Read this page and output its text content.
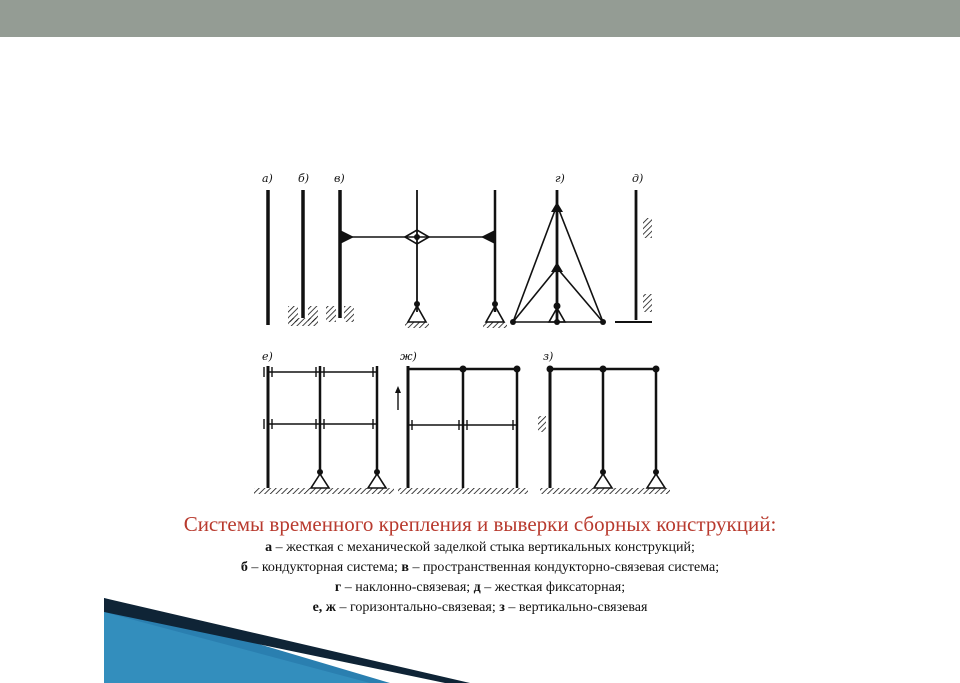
а) б) в)	г)	д)
е)	ж)	з)
Системы временного крепления и выверки сборных конструкций:
а – жесткая с механической заделкой стыка вертикальных конструкций;
б – кондукторная система; в – пространственная кондукторно-связевая система;
г – наклонно-связевая; д – жесткая фиксаторная;
е, ж – горизонтально-связевая; з – вертикально-связевая
